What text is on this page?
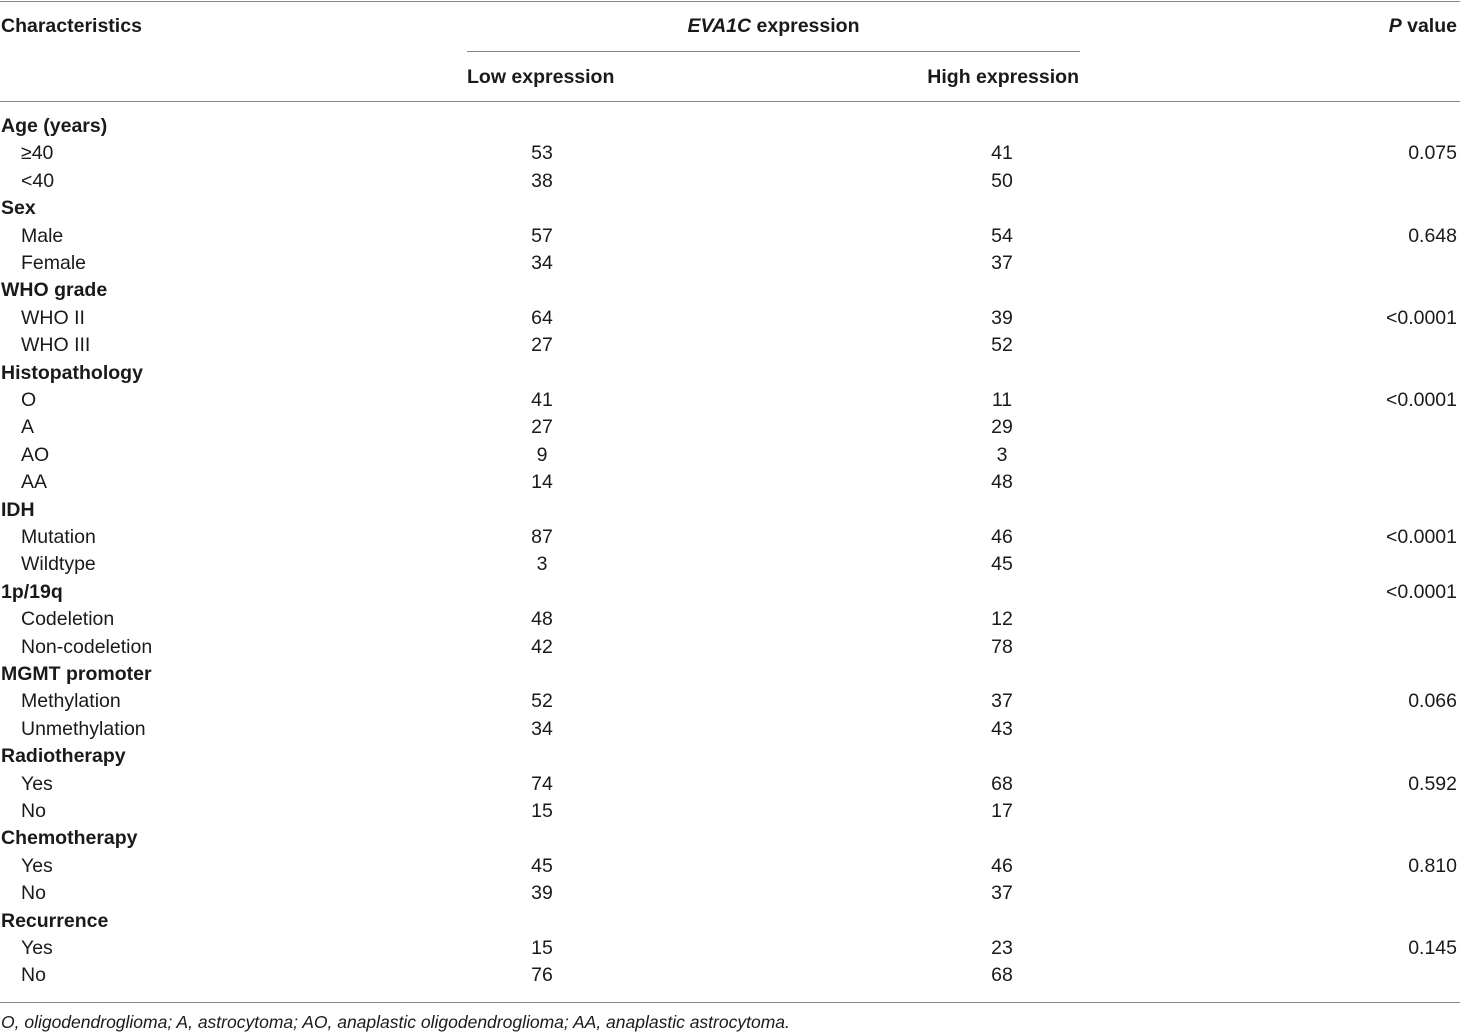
Characteristics	EVA1C expression	P value
Low expression	High expression
Age (years)
≥40	53	41	0.075
<40	38	50
Sex
Male	57	54	0.648
Female	34	37
WHO grade
WHO II	64	39	<0.0001
WHO III	27	52
Histopathology
O	41	11	<0.0001
A	27	29
AO	9	3
AA	14	48
IDH
Mutation	87	46	<0.0001
Wildtype	3	45
1p/19q	<0.0001
Codeletion	48	12
Non-codeletion	42	78
MGMT promoter
Methylation	52	37	0.066
Unmethylation	34	43
Radiotherapy
Yes	74	68	0.592
No	15	17
Chemotherapy
Yes	45	46	0.810
No	39	37
Recurrence
Yes	15	23	0.145
No	76	68
O, oligodendroglioma; A, astrocytoma; AO, anaplastic oligodendroglioma; AA, anaplastic astrocytoma.
